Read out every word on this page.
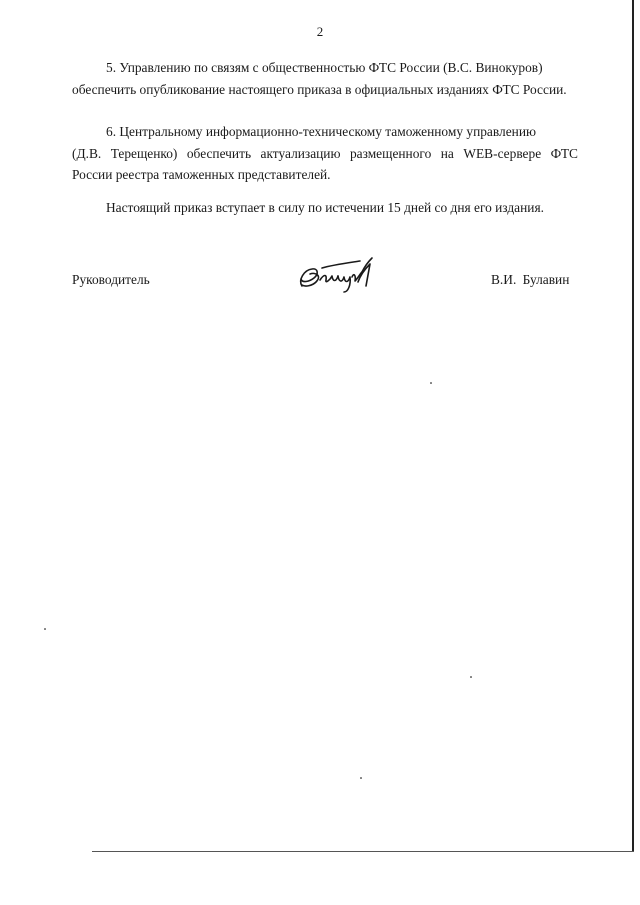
2
5. Управлению по связям с общественностью ФТС России (В.С. Винокуров)
обеспечить опубликование настоящего приказа в официальных изданиях ФТС России.
6. Центральному информационно-техническому таможенному управлению
(Д.В. Терещенко) обеспечить актуализацию размещенного на WEB-сервере ФТС России реестра таможенных представителей.
Настоящий приказ вступает в силу по истечении 15 дней со дня его издания.
Руководитель	В.И. Булавин
